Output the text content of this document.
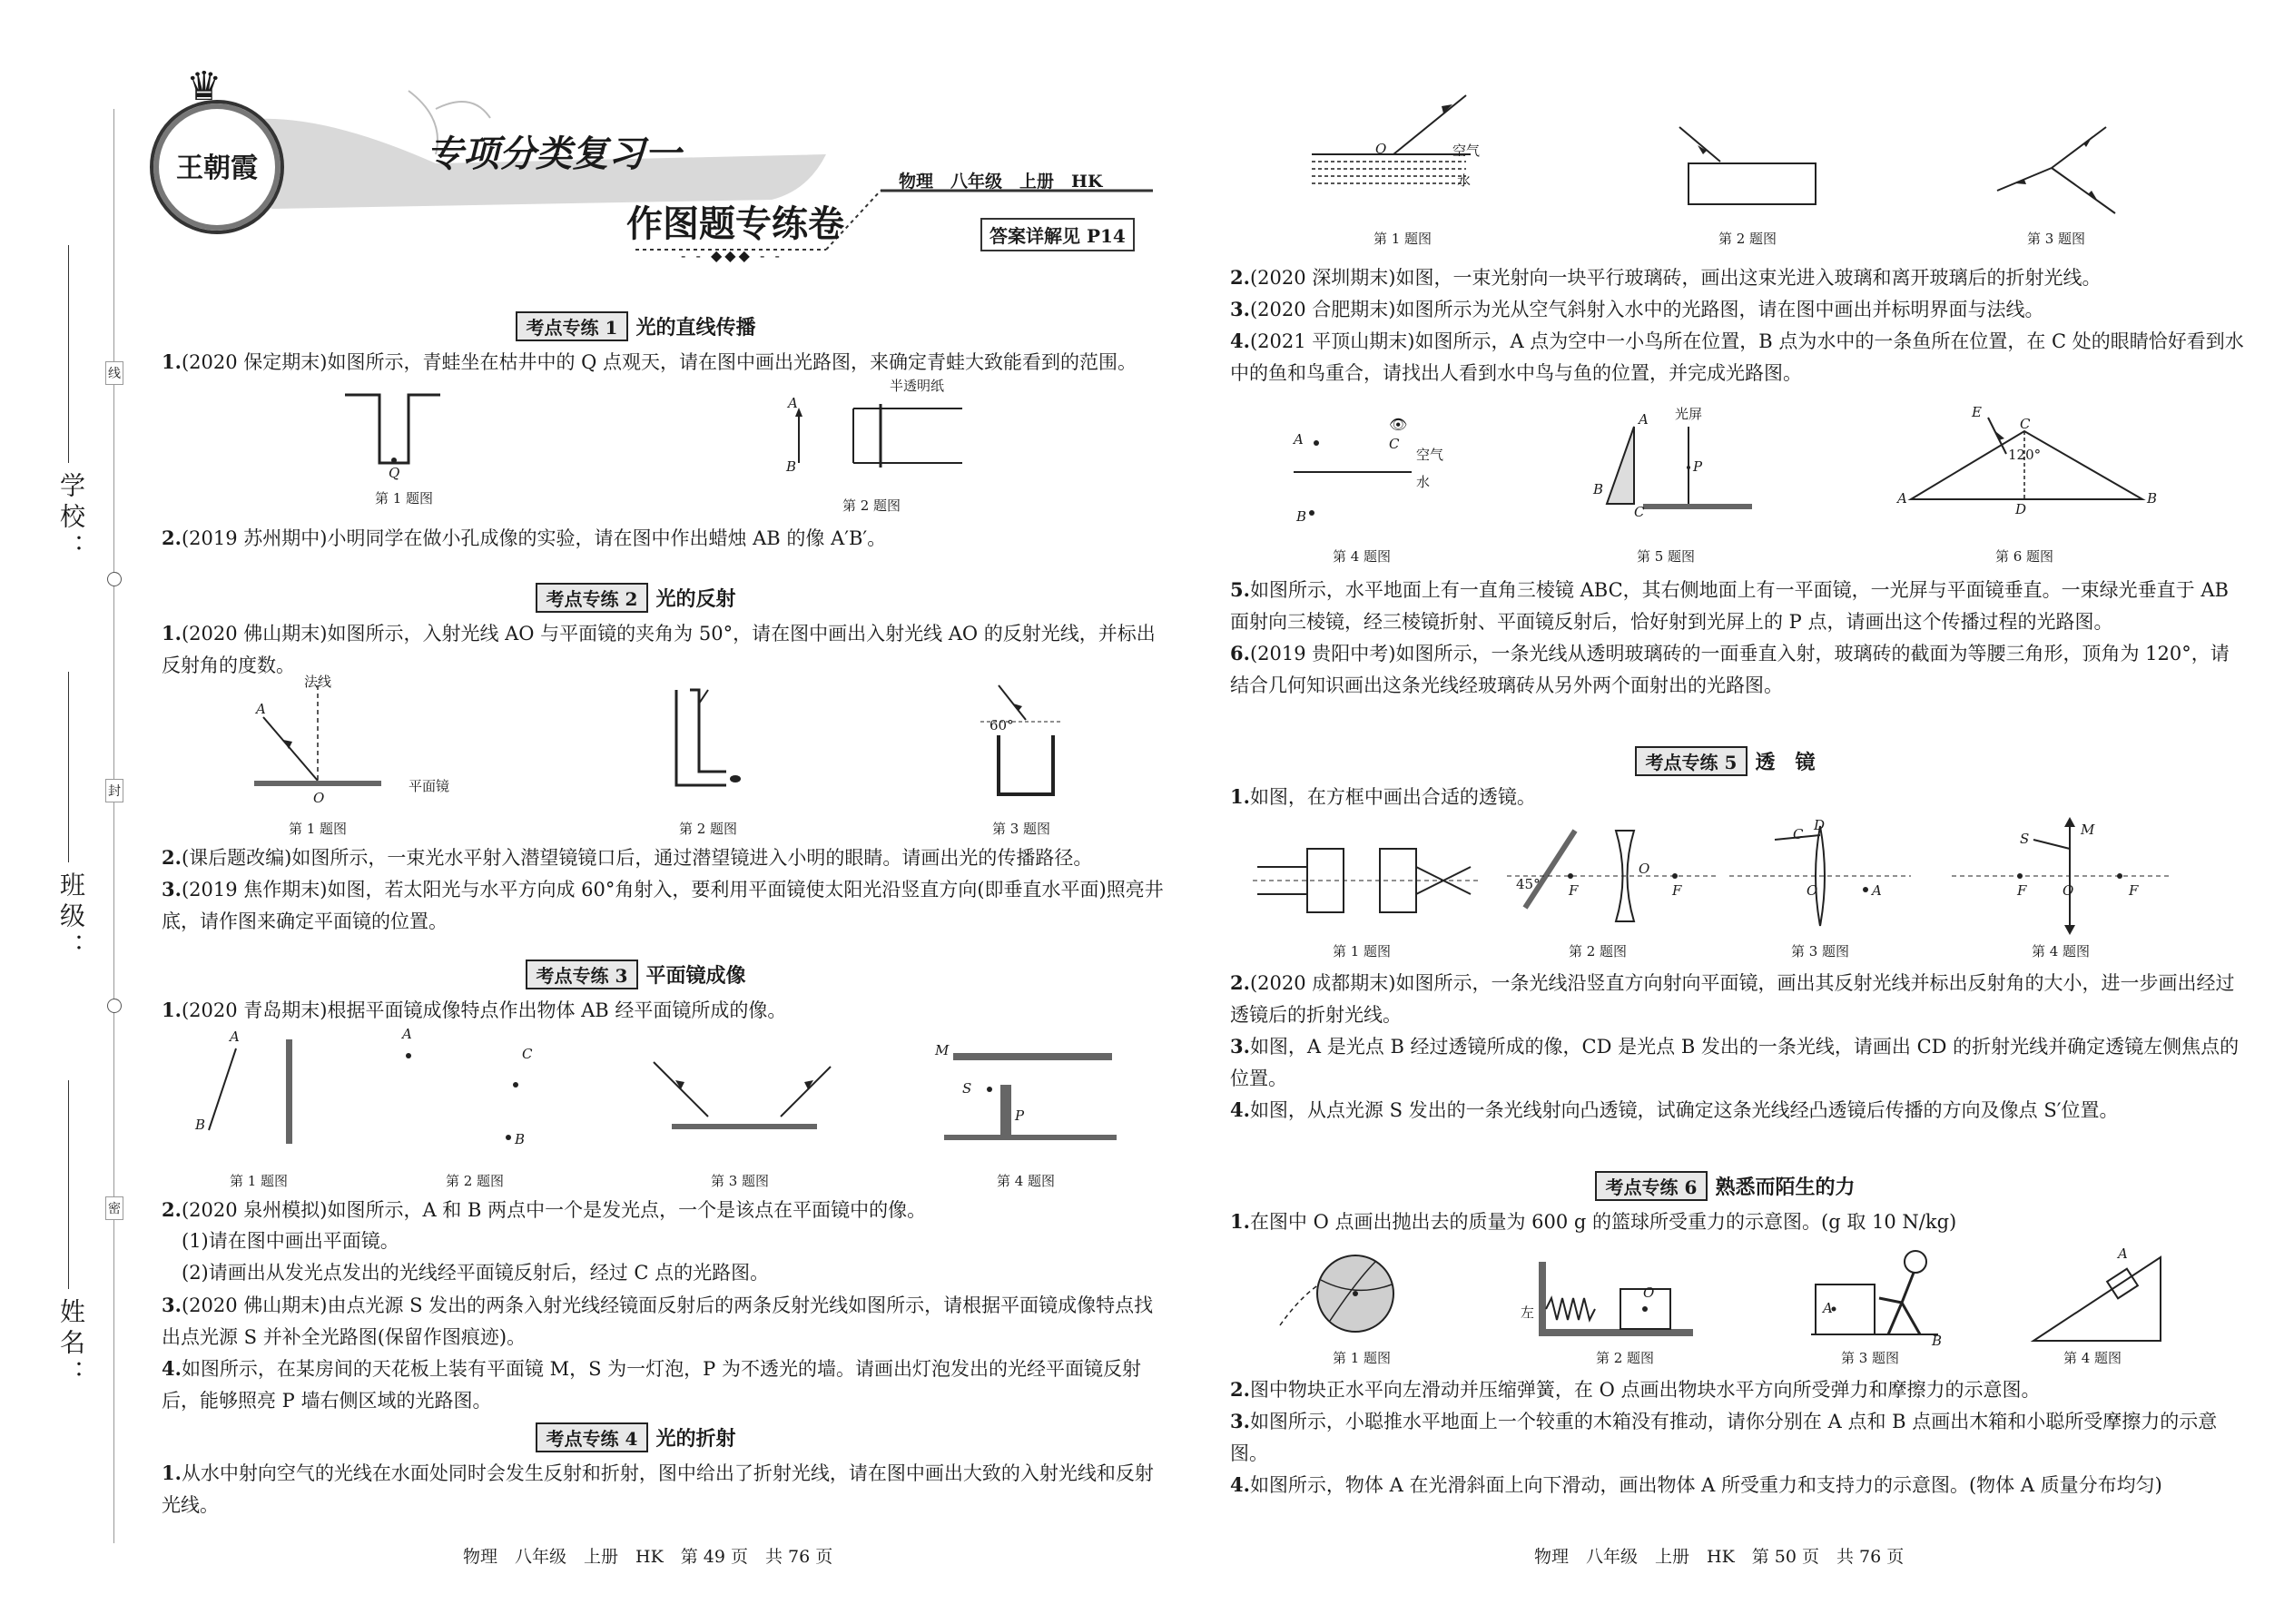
学校：
班级：
姓名：
线
封
密
王朝霞
♛
专项分类复习一
作图题专练卷
物理　八年级　上册　HK
答案详解见 P14
- - ◆◆◆ - -
考点专练 1 光的直线传播
1.(2020 保定期末)如图所示，青蛙坐在枯井中的 Q 点观天，请在图中画出光路图，来确定青蛙大致能看到的范围。
Q
第 1 题图
A
B
半透明纸
第 2 题图
2.(2019 苏州期中)小明同学在做小孔成像的实验，请在图中作出蜡烛 AB 的像 A′B′。
考点专练 2 光的反射
1.(2020 佛山期末)如图所示，入射光线 AO 与平面镜的夹角为 50°，请在图中画出入射光线 AO 的反射光线，并标出反射角的度数。
法线
A
O
平面镜
第 1 题图	第 2 题图
60°
第 3 题图
2.(课后题改编)如图所示，一束光水平射入潜望镜镜口后，通过潜望镜进入小明的眼睛。请画出光的传播路径。
3.(2019 焦作期末)如图，若太阳光与水平方向成 60°角射入，要利用平面镜使太阳光沿竖直方向(即垂直水平面)照亮井底，请作图来确定平面镜的位置。
考点专练 3 平面镜成像
1.(2020 青岛期末)根据平面镜成像特点作出物体 AB 经平面镜所成的像。
A
B
第 1 题图
A
C
B
第 2 题图	第 3 题图
M
S
P
第 4 题图
2.(2020 泉州模拟)如图所示，A 和 B 两点中一个是发光点，一个是该点在平面镜中的像。
(1)请在图中画出平面镜。
(2)请画出从发光点发出的光线经平面镜反射后，经过 C 点的光路图。
3.(2020 佛山期末)由点光源 S 发出的两条入射光线经镜面反射后的两条反射光线如图所示，请根据平面镜成像特点找出点光源 S 并补全光路图(保留作图痕迹)。
4.如图所示，在某房间的天花板上装有平面镜 M，S 为一灯泡，P 为不透光的墙。请画出灯泡发出的光经平面镜反射后，能够照亮 P 墙右侧区域的光路图。
考点专练 4 光的折射
1.从水中射向空气的光线在水面处同时会发生反射和折射，图中给出了折射光线，请在图中画出大致的入射光线和反射光线。
物理　八年级　上册　HK　第 49 页　共 76 页
O	空气
水
第 1 题图	第 2 题图	第 3 题图
2.(2020 深圳期末)如图，一束光射向一块平行玻璃砖，画出这束光进入玻璃和离开玻璃后的折射光线。
3.(2020 合肥期末)如图所示为光从空气斜射入水中的光路图，请在图中画出并标明界面与法线。
4.(2021 平顶山期末)如图所示，A 点为空中一小鸟所在位置，B 点为水中的一条鱼所在位置，在 C 处的眼睛恰好看到水中的鱼和鸟重合，请找出人看到水中鸟与鱼的位置，并完成光路图。
A	C
👁
空气
水
B
第 4 题图
光屏
A
B
C
P
第 5 题图
E
C
120°
A
D
B
第 6 题图
5.如图所示，水平地面上有一直角三棱镜 ABC，其右侧地面上有一平面镜，一光屏与平面镜垂直。一束绿光垂直于 AB 面射向三棱镜，经三棱镜折射、平面镜反射后，恰好射到光屏上的 P 点，请画出这个传播过程的光路图。
6.(2019 贵阳中考)如图所示，一条光线从透明玻璃砖的一面垂直入射，玻璃砖的截面为等腰三角形，顶角为 120°，请结合几何知识画出这条光线经玻璃砖从另外两个面射出的光路图。
考点专练 5 透　镜
1.如图，在方框中画出合适的透镜。
第 1 题图
45° F
O
F
第 2 题图
C
D
O	A
第 3 题图
S
M
F	O	F
第 4 题图
2.(2020 成都期末)如图所示，一条光线沿竖直方向射向平面镜，画出其反射光线并标出反射角的大小，进一步画出经过透镜后的折射光线。
3.如图，A 是光点 B 经过透镜所成的像，CD 是光点 B 发出的一条光线，请画出 CD 的折射光线并确定透镜左侧焦点的位置。
4.如图，从点光源 S 发出的一条光线射向凸透镜，试确定这条光线经凸透镜后传播的方向及像点 S′位置。
考点专练 6 熟悉而陌生的力
1.在图中 O 点画出抛出去的质量为 600 g 的篮球所受重力的示意图。(g 取 10 N/kg)
第 1 题图
左
O
第 2 题图
A
B
第 3 题图
A
第 4 题图
2.图中物块正水平向左滑动并压缩弹簧，在 O 点画出物块水平方向所受弹力和摩擦力的示意图。
3.如图所示，小聪推水平地面上一个较重的木箱没有推动，请你分别在 A 点和 B 点画出木箱和小聪所受摩擦力的示意图。
4.如图所示，物体 A 在光滑斜面上向下滑动，画出物体 A 所受重力和支持力的示意图。(物体 A 质量分布均匀)
物理　八年级　上册　HK　第 50 页　共 76 页
